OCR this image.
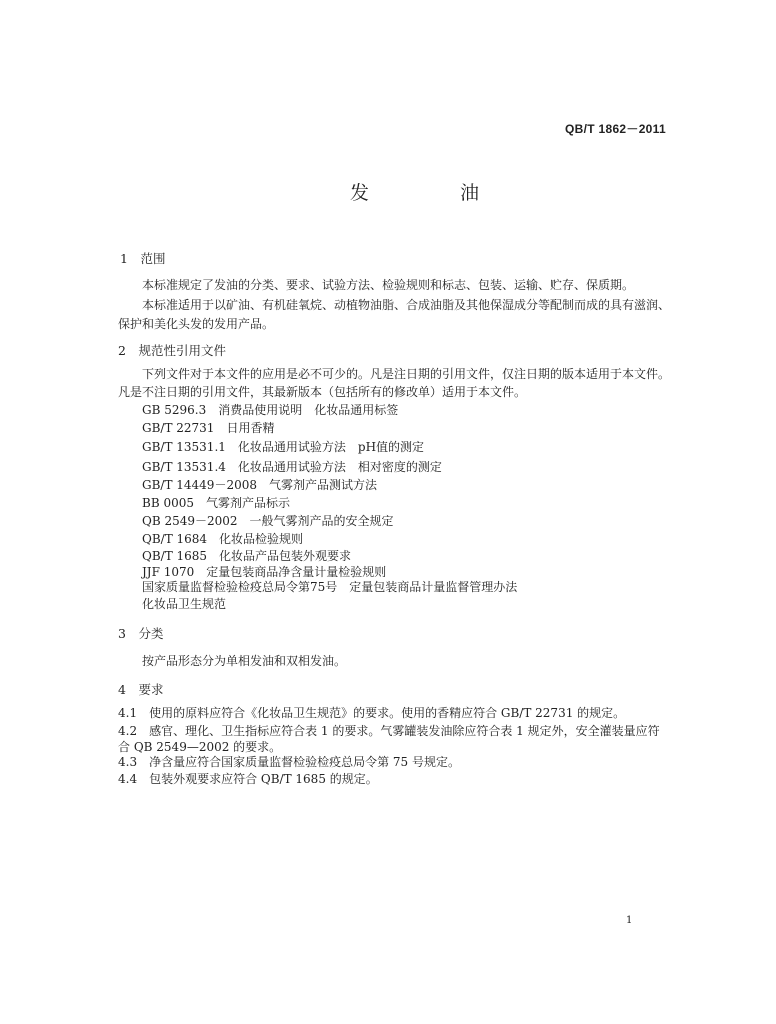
QB/T 1862－2011
发　油
1　范围
本标准规定了发油的分类、要求、试验方法、检验规则和标志、包装、运输、贮存、保质期。
本标准适用于以矿油、有机硅氧烷、动植物油脂、合成油脂及其他保湿成分等配制而成的具有滋润、
保护和美化头发的发用产品。
2　规范性引用文件
下列文件对于本文件的应用是必不可少的。凡是注日期的引用文件，仅注日期的版本适用于本文件。
凡是不注日期的引用文件，其最新版本（包括所有的修改单）适用于本文件。
GB 5296.3　消费品使用说明　化妆品通用标签
GB/T 22731　日用香精
GB/T 13531.1　化妆品通用试验方法　pH值的测定
GB/T 13531.4　化妆品通用试验方法　相对密度的测定
GB/T 14449－2008　气雾剂产品测试方法
BB 0005　气雾剂产品标示
QB 2549－2002　一般气雾剂产品的安全规定
QB/T 1684　化妆品检验规则
QB/T 1685　化妆品产品包装外观要求
JJF 1070　定量包装商品净含量计量检验规则
国家质量监督检验检疫总局令第75号　定量包装商品计量监督管理办法
化妆品卫生规范
3　分类
按产品形态分为单相发油和双相发油。
4　要求
4.1　使用的原料应符合《化妆品卫生规范》的要求。使用的香精应符合 GB/T 22731 的规定。
4.2　感官、理化、卫生指标应符合表 1 的要求。气雾罐装发油除应符合表 1 规定外，安全灌装量应符
合 QB 2549—2002 的要求。
4.3　净含量应符合国家质量监督检验检疫总局令第 75 号规定。
4.4　包装外观要求应符合 QB/T 1685 的规定。
1
